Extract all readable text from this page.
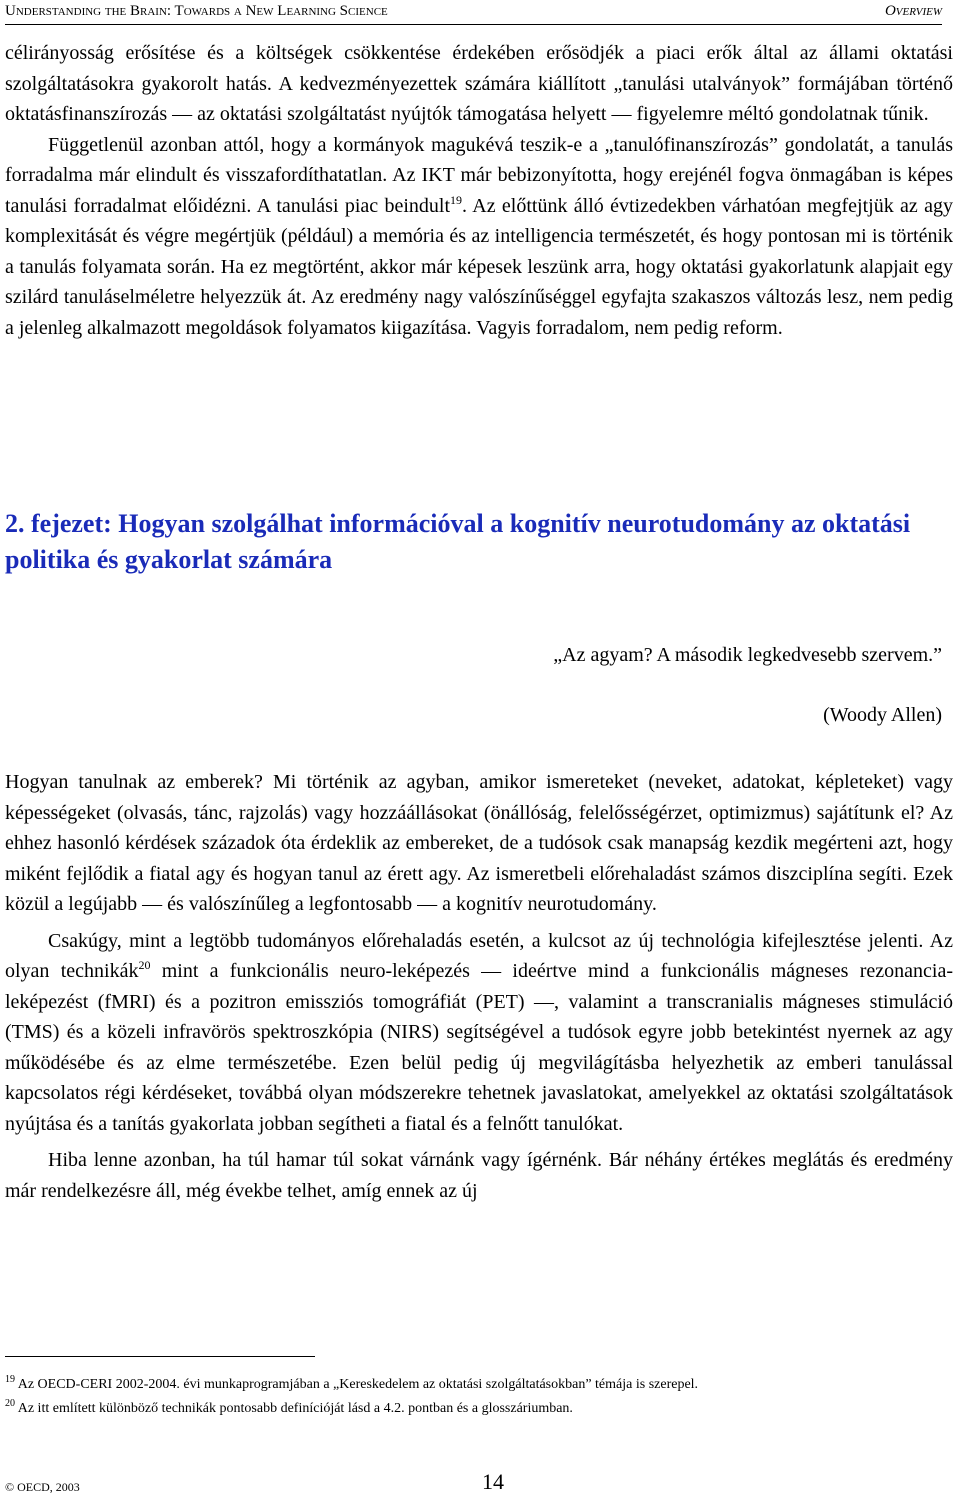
Understanding the Brain: Towards a New Learning Science	Overview

célirányosság erősítése és a költségek csökkentése érdekében erősödjék a piaci erők által az állami oktatási szolgáltatásokra gyakorolt hatás. A kedvezményezettek számára kiállított „tanulási utalványok” formájában történő oktatásfinanszírozás — az oktatási szolgáltatást nyújtók támogatása helyett — figyelemre méltó gondolatnak tűnik.

Függetlenül azonban attól, hogy a kormányok magukévá teszik-e a „tanulófinanszírozás” gondolatát, a tanulás forradalma már elindult és visszafordíthatatlan. Az IKT már bebizonyította, hogy erejénél fogva önmagában is képes tanulási forradalmat előidézni. A tanulási piac beindult$^{19}$. Az előttünk álló évtizedekben várhatóan megfejtjük az agy komplexitását és végre megértjük (például) a memória és az intelligencia természetét, és hogy pontosan mi is történik a tanulás folyamata során. Ha ez megtörtént, akkor már képesek leszünk arra, hogy oktatási gyakorlatunk alapjait egy szilárd tanuláselméletre helyezzük át. Az eredmény nagy valószínűséggel egyfajta szakaszos változás lesz, nem pedig a jelenleg alkalmazott megoldások folyamatos kiigazítása. Vagyis forradalom, nem pedig reform.

2. fejezet: Hogyan szolgálhat információval a kognitív neurotudomány az oktatási politika és gyakorlat számára
„Az agyam? A második legkedvesebb szervem.”
(Woody Allen)

Hogyan tanulnak az emberek? Mi történik az agyban, amikor ismereteket (neveket, adatokat, képleteket) vagy képességeket (olvasás, tánc, rajzolás) vagy hozzáállásokat (önállóság, felelősségérzet, optimizmus) sajátítunk el? Az ehhez hasonló kérdések századok óta érdeklik az embereket, de a tudósok csak manapság kezdik megérteni azt, hogy miként fejlődik a fiatal agy és hogyan tanul az érett agy. Az ismeretbeli előrehaladást számos diszciplína segíti. Ezek közül a legújabb — és valószínűleg a legfontosabb — a kognitív neurotudomány.

Csakúgy, mint a legtöbb tudományos előrehaladás esetén, a kulcsot az új technológia kifejlesztése jelenti. Az olyan technikák$^{20}$ mint a funkcionális neuro-leképezés — ideértve mind a funkcionális mágneses rezonancia-leképezést (fMRI) és a pozitron emissziós tomográfiát (PET) —, valamint a transcranialis mágneses stimuláció (TMS) és a közeli infravörös spektroszkópia (NIRS) segítségével a tudósok egyre jobb betekintést nyernek az agy működésébe és az elme természetébe. Ezen belül pedig új megvilágításba helyezhetik az emberi tanulással kapcsolatos régi kérdéseket, továbbá olyan módszerekre tehetnek javaslatokat, amelyekkel az oktatási szolgáltatások nyújtása és a tanítás gyakorlata jobban segítheti a fiatal és a felnőtt tanulókat.

Hiba lenne azonban, ha túl hamar túl sokat várnánk vagy ígérnénk. Bár néhány értékes meglátás és eredmény már rendelkezésre áll, még évekbe telhet, amíg ennek az új

$^{19}$ Az OECD-CERI 2002-2004. évi munkaprogramjában a „Kereskedelem az oktatási szolgáltatásokban” témája is szerepel.
$^{20}$ Az itt említett különböző technikák pontosabb definícióját lásd a 4.2. pontban és a glosszáriumban.
© OECD, 2003	14
